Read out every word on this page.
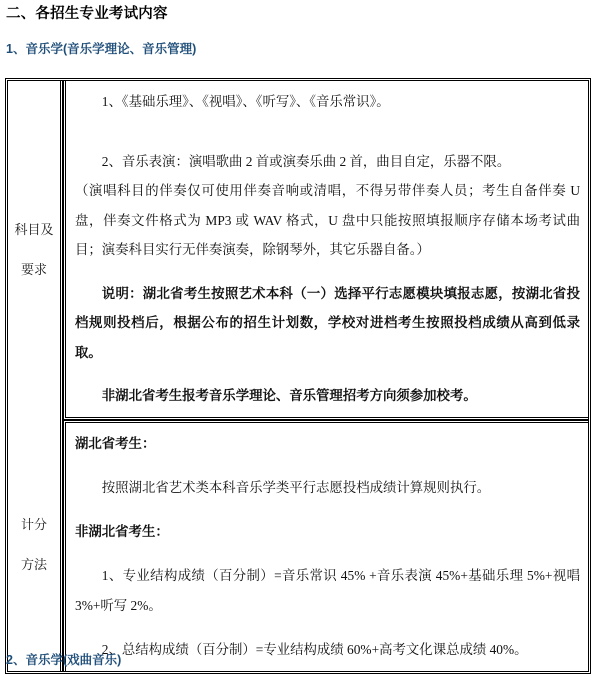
二、各招生专业考试内容
1、音乐学(音乐学理论、音乐管理)
科目及
要求

1、《基础乐理》、《视唱》、《听写》、《音乐常识》。

2、音乐表演：演唱歌曲 2 首或演奏乐曲 2 首，曲目自定，乐器不限。

（演唱科目的伴奏仅可使用伴奏音响或清唱，不得另带伴奏人员；考生自备伴奏 U 盘，伴奏文件格式为 MP3 或 WAV 格式，U 盘中只能按照填报顺序存储本场考试曲目；演奏科目实行无伴奏演奏，除钢琴外，其它乐器自备。）

说明：湖北省考生按照艺术本科（一）选择平行志愿模块填报志愿，按湖北省投档规则投档后，根据公布的招生计划数，学校对进档考生按照投档成绩从高到低录取。

非湖北省考生报考音乐学理论、音乐管理招考方向须参加校考。

计分
方法

湖北省考生：

按照湖北省艺术类本科音乐学类平行志愿投档成绩计算规则执行。

非湖北省考生：

1、专业结构成绩（百分制）=音乐常识 45% +音乐表演 45%+基础乐理 5%+视唱 3%+听写 2%。

2、总结构成绩（百分制）=专业结构成绩 60%+高考文化课总成绩 40%。

2、音乐学(戏曲音乐)
